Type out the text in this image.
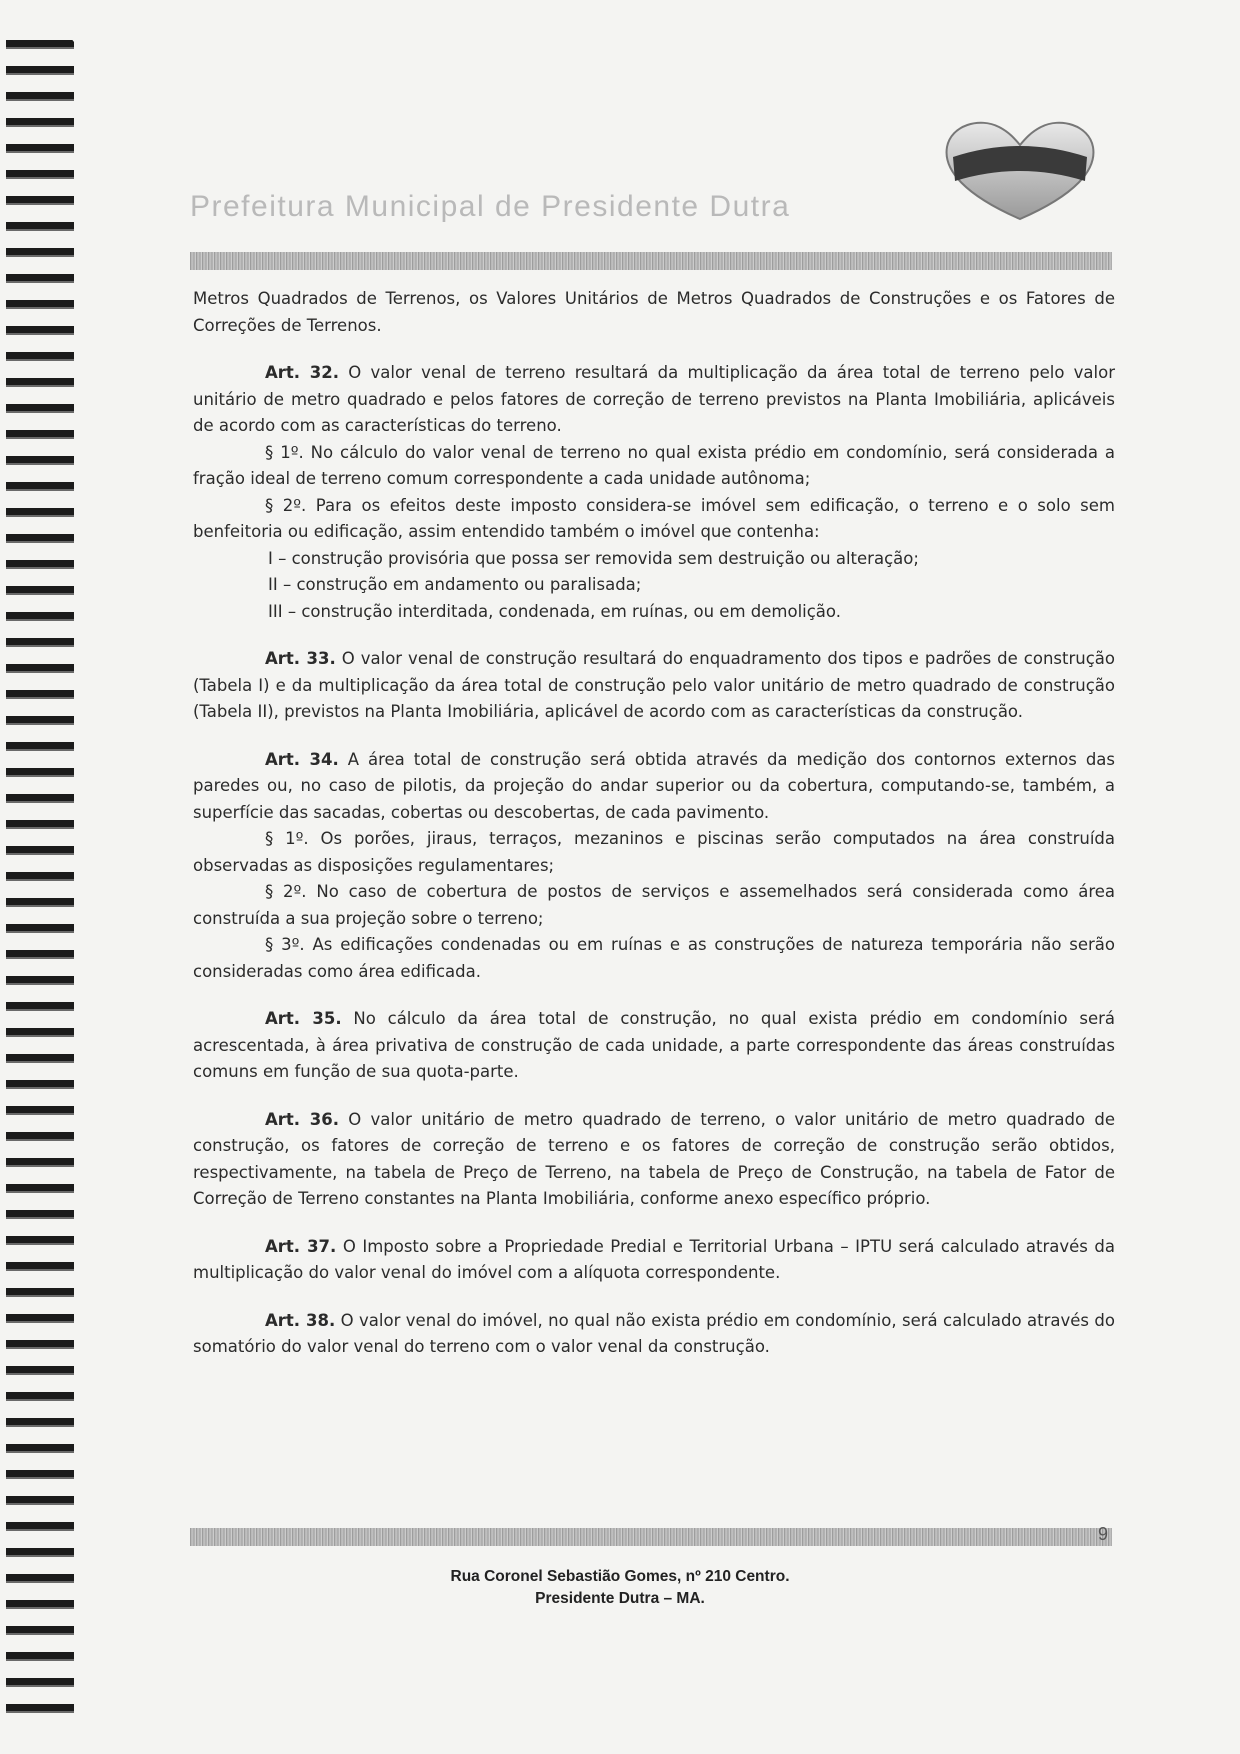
Prefeitura Municipal de Presidente Dutra

Metros Quadrados de Terrenos, os Valores Unitários de Metros Quadrados de Construções e os Fatores de Correções de Terrenos.

Art. 32. O valor venal de terreno resultará da multiplicação da área total de terreno pelo valor unitário de metro quadrado e pelos fatores de correção de terreno previstos na Planta Imobiliária, aplicáveis de acordo com as características do terreno.

§ 1º. No cálculo do valor venal de terreno no qual exista prédio em condomínio, será considerada a fração ideal de terreno comum correspondente a cada unidade autônoma;

§ 2º. Para os efeitos deste imposto considera-se imóvel sem edificação, o terreno e o solo sem benfeitoria ou edificação, assim entendido também o imóvel que contenha:

I – construção provisória que possa ser removida sem destruição ou alteração;

II – construção em andamento ou paralisada;

III – construção interditada, condenada, em ruínas, ou em demolição.

Art. 33. O valor venal de construção resultará do enquadramento dos tipos e padrões de construção (Tabela I) e da multiplicação da área total de construção pelo valor unitário de metro quadrado de construção (Tabela II), previstos na Planta Imobiliária, aplicável de acordo com as características da construção.

Art. 34. A área total de construção será obtida através da medição dos contornos externos das paredes ou, no caso de pilotis, da projeção do andar superior ou da cobertura, computando-se, também, a superfície das sacadas, cobertas ou descobertas, de cada pavimento.

§ 1º. Os porões, jiraus, terraços, mezaninos e piscinas serão computados na área construída observadas as disposições regulamentares;

§ 2º. No caso de cobertura de postos de serviços e assemelhados será considerada como área construída a sua projeção sobre o terreno;

§ 3º. As edificações condenadas ou em ruínas e as construções de natureza temporária não serão consideradas como área edificada.

Art. 35. No cálculo da área total de construção, no qual exista prédio em condomínio será acrescentada, à área privativa de construção de cada unidade, a parte correspondente das áreas construídas comuns em função de sua quota-parte.

Art. 36. O valor unitário de metro quadrado de terreno, o valor unitário de metro quadrado de construção, os fatores de correção de terreno e os fatores de correção de construção serão obtidos, respectivamente, na tabela de Preço de Terreno, na tabela de Preço de Construção, na tabela de Fator de Correção de Terreno constantes na Planta Imobiliária, conforme anexo específico próprio.

Art. 37. O Imposto sobre a Propriedade Predial e Territorial Urbana – IPTU será calculado através da multiplicação do valor venal do imóvel com a alíquota correspondente.

Art. 38. O valor venal do imóvel, no qual não exista prédio em condomínio, será calculado através do somatório do valor venal do terreno com o valor venal da construção.

9
Rua Coronel Sebastião Gomes, nº 210 Centro.
Presidente Dutra – MA.
